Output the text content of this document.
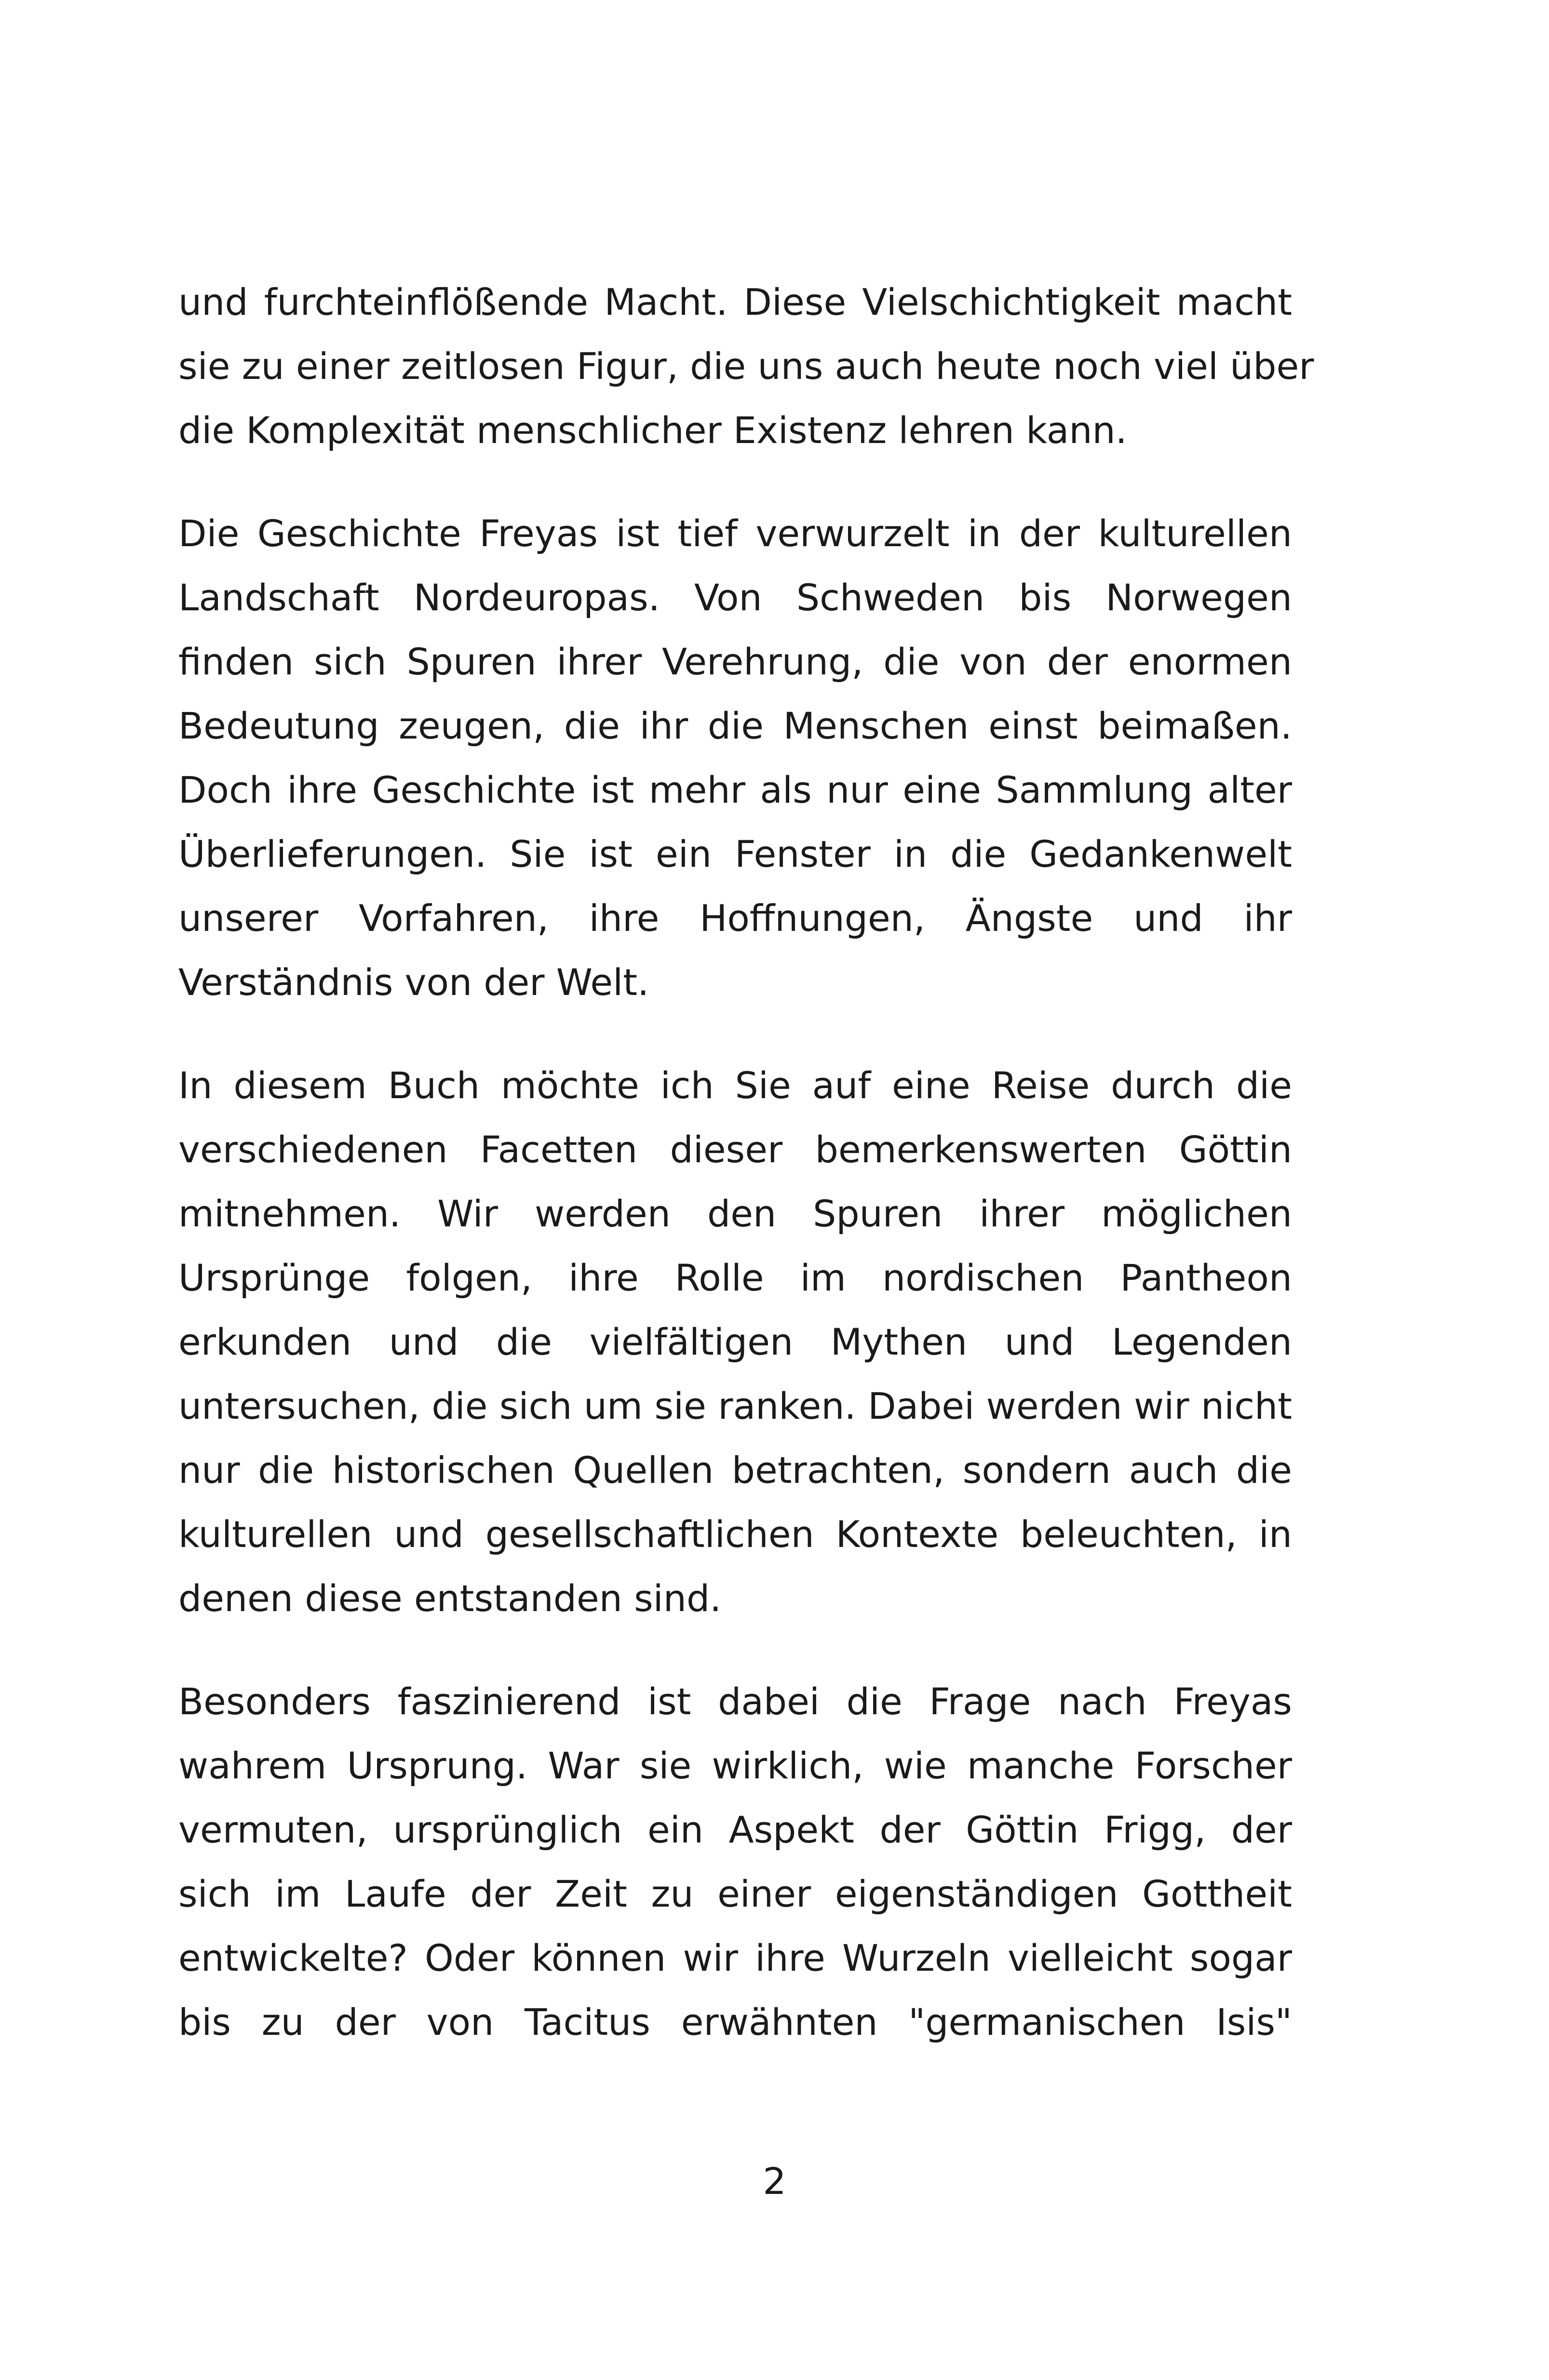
und furchteinflößende Macht. Diese Vielschichtigkeit macht
sie zu einer zeitlosen Figur, die uns auch heute noch viel über
die Komplexität menschlicher Existenz lehren kann.
Die Geschichte Freyas ist tief verwurzelt in der kulturellen
Landschaft Nordeuropas. Von Schweden bis Norwegen
finden sich Spuren ihrer Verehrung, die von der enormen
Bedeutung zeugen, die ihr die Menschen einst beimaßen.
Doch ihre Geschichte ist mehr als nur eine Sammlung alter
Überlieferungen. Sie ist ein Fenster in die Gedankenwelt
unserer Vorfahren, ihre Hoffnungen, Ängste und ihr
Verständnis von der Welt.
In diesem Buch möchte ich Sie auf eine Reise durch die
verschiedenen Facetten dieser bemerkenswerten Göttin
mitnehmen. Wir werden den Spuren ihrer möglichen
Ursprünge folgen, ihre Rolle im nordischen Pantheon
erkunden und die vielfältigen Mythen und Legenden
untersuchen, die sich um sie ranken. Dabei werden wir nicht
nur die historischen Quellen betrachten, sondern auch die
kulturellen und gesellschaftlichen Kontexte beleuchten, in
denen diese entstanden sind.
Besonders faszinierend ist dabei die Frage nach Freyas
wahrem Ursprung. War sie wirklich, wie manche Forscher
vermuten, ursprünglich ein Aspekt der Göttin Frigg, der
sich im Laufe der Zeit zu einer eigenständigen Gottheit
entwickelte? Oder können wir ihre Wurzeln vielleicht sogar
bis zu der von Tacitus erwähnten "germanischen Isis"
2
